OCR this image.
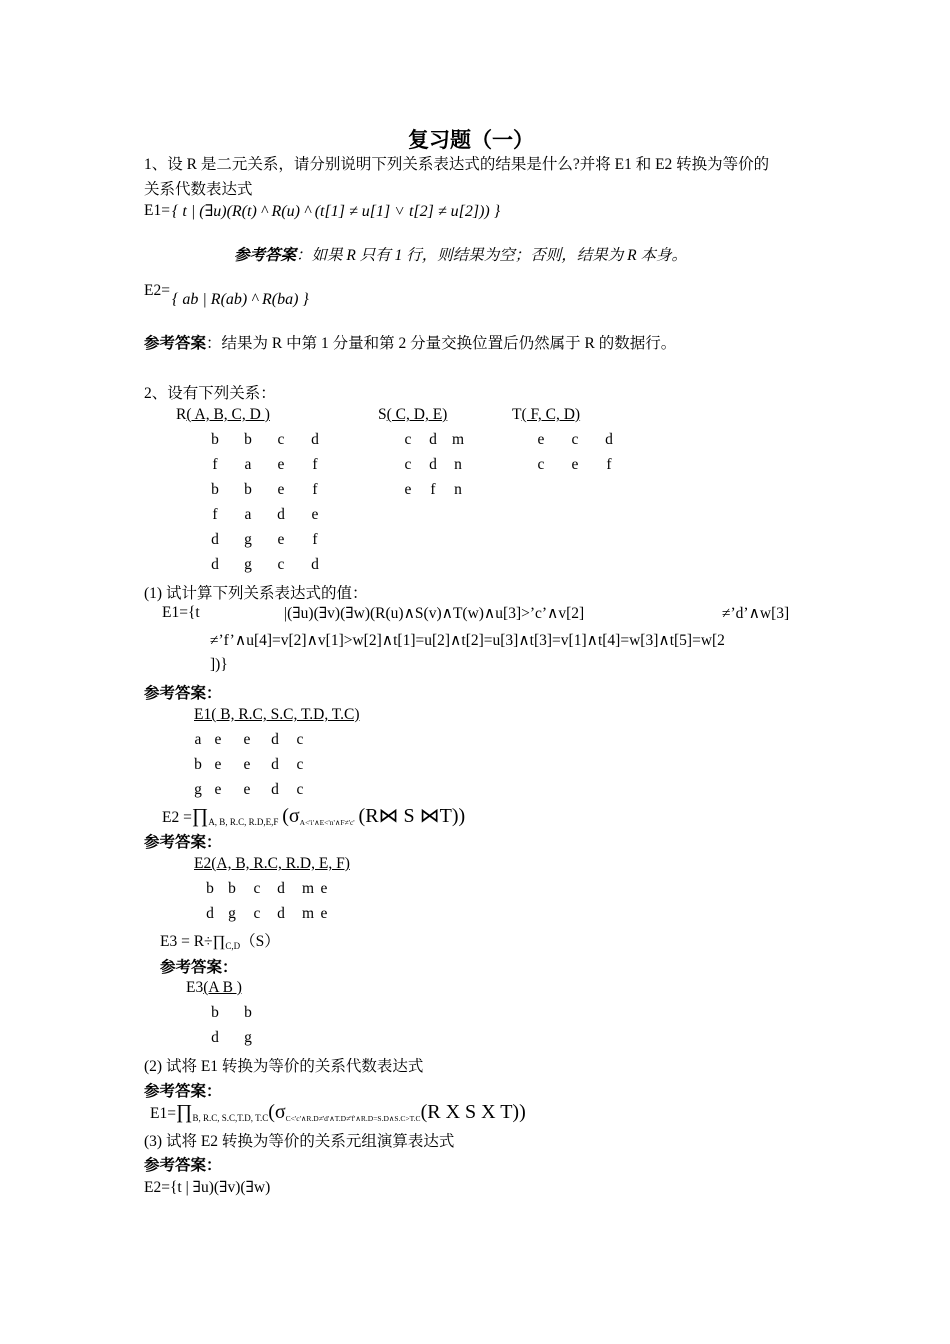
复习题（一）
1、设 R 是二元关系，请分别说明下列关系表达式的结果是什么?并将 E1 和 E2 转换为等价的
关系代数表达式
E1= { t | (∃u)(R(t) ^ R(u) ^ (t[1] ≠ u[1] ˅ t[2] ≠ u[2])) }
参考答案：如果 R 只有 1 行，则结果为空；否则，结果为 R 本身。
E2=
{ ab | R(ab) ^ R(ba) }
参考答案：结果为 R 中第 1 分量和第 2 分量交换位置后仍然属于 R 的数据行。
2、设有下列关系：
R( A, B, C, D )
b	b	c	d
f	a	e	f
b	b	e	f
f	a	d	e
d	g	e	f
d	g	c	d
S( C, D, E)
c	d m
c	d	n
e	f	n
T( F, C, D)
e	c	d
c	e	f
(1) 试计算下列关系表达式的值：
E1={t	|(∃u)(∃v)(∃w)(R(u)∧S(v)∧T(w)∧u[3]>’c’∧v[2]	≠’d’∧w[3]
≠’f’∧u[4]=v[2]∧v[1]>w[2]∧t[1]=u[2]∧t[2]=u[3]∧t[3]=v[1]∧t[4]=w[3]∧t[5]=w[2
])}
参考答案：
E1( B, R.C, S.C, T.D, T.C)
a e	e	d	c
b e	e	d	c
g e	e	d	c
$E2 =\prod_{A, B, R.C, R.D,E,F}$ (σA<'i'∧E<'n'∧F≠'c' (R⋈ S ⋈T))
参考答案：
E2(A, B, R.C, R.D, E, F)
b b	c	d	m e
d g	c	d	m e
$E3 = R\div\prod_{C,D}(S)$
参考答案：
E3(A B )
b	b
d	g
(2) 试将 E1 转换为等价的关系代数表达式
参考答案：
$E1=\prod_{B, R.C, S.C,T.D, T.C}(\sigma C<'c'\wedge R.D\ne'd'\wedge T.D\ne'f'\wedge R.D=S.D\wedge S.C>T.C(R$ X S X T))
(3) 试将 E2 转换为等价的关系元组演算表达式
参考答案：
E2={t | ∃u)(∃v)(∃w)
